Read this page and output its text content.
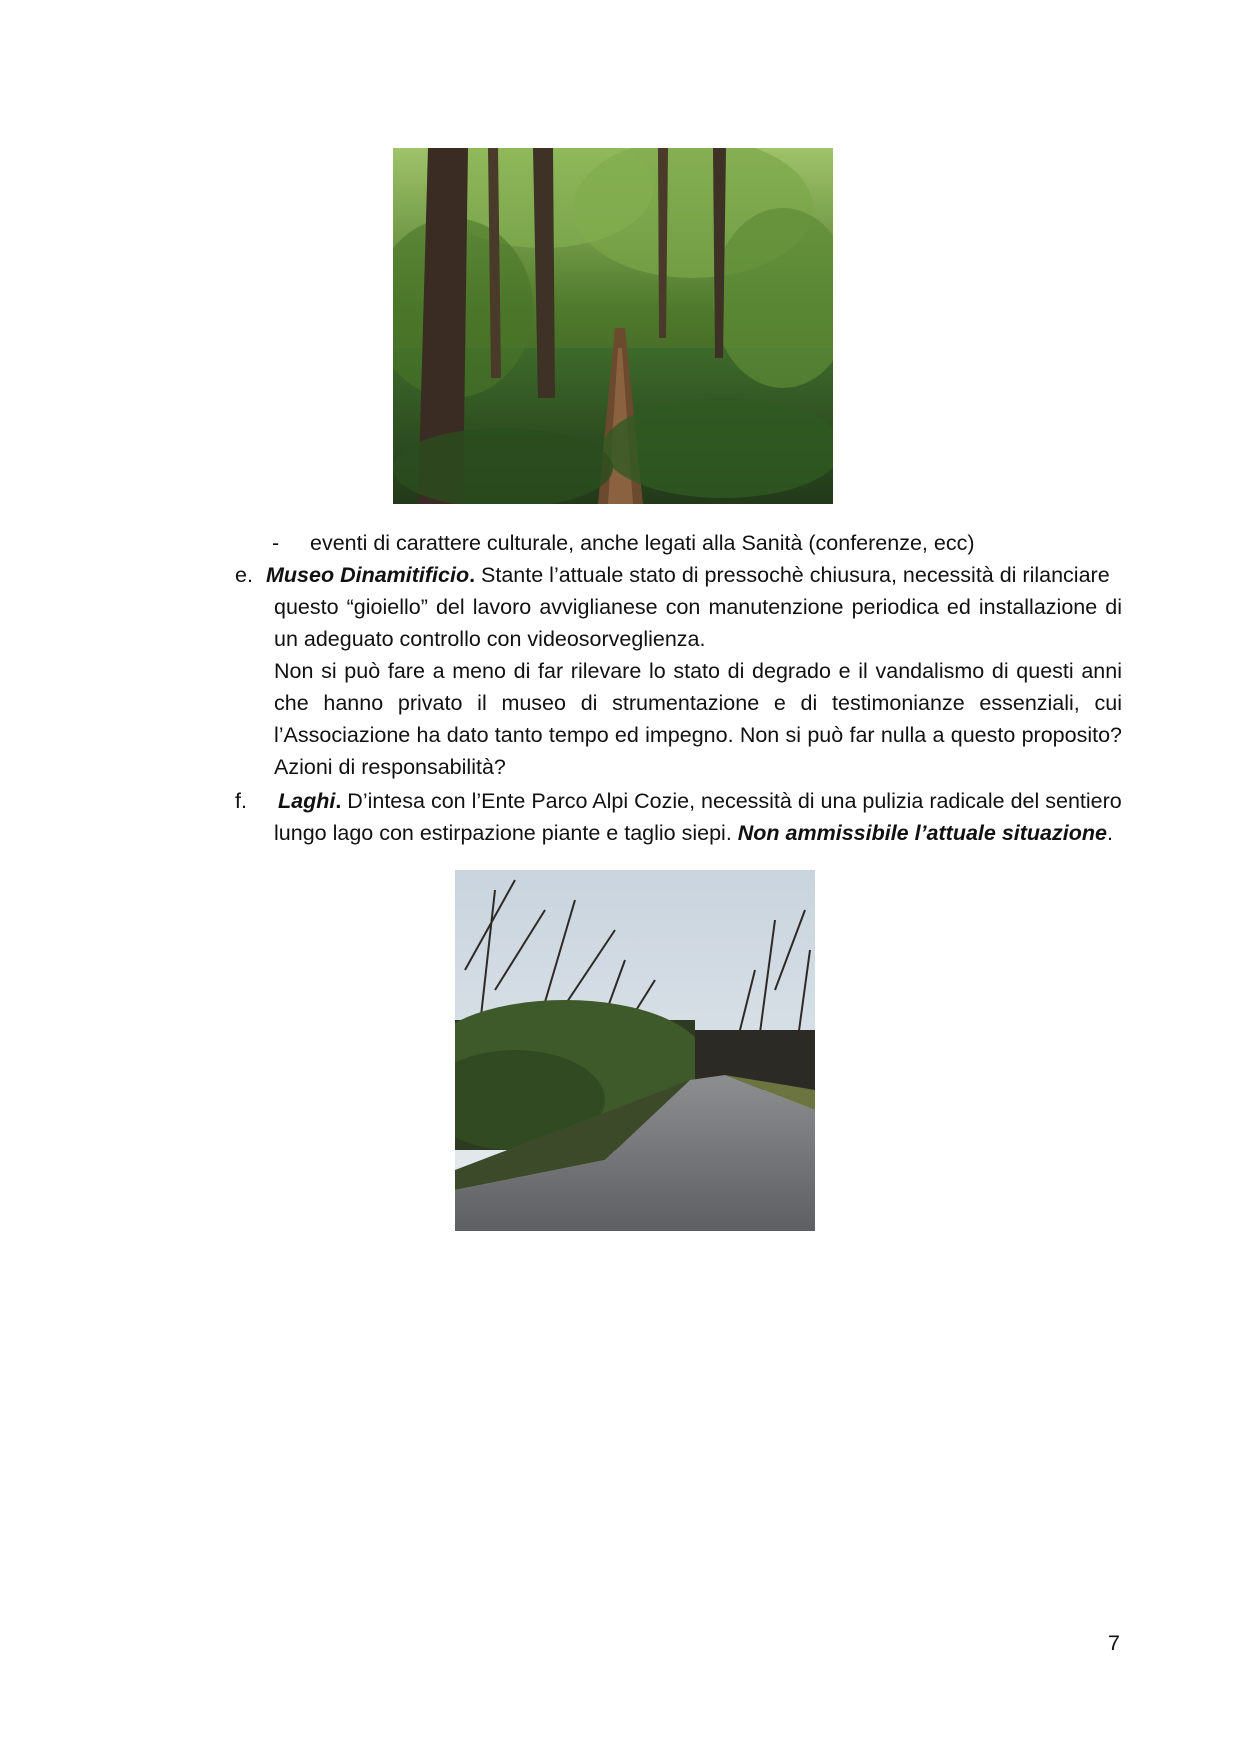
- eventi di carattere culturale, anche legati alla Sanità (conferenze, ecc)
e. Museo Dinamitificio. Stante l’attuale stato di pressochè chiusura, necessità di rilanciare
questo “gioiello” del lavoro avviglianese con manutenzione periodica ed installazione di un adeguato controllo con videosorveglienza.
Non si può fare a meno di far rilevare lo stato di degrado e il vandalismo di questi anni che hanno privato il museo di strumentazione e di testimonianze essenziali, cui l’Associazione ha dato tanto tempo ed impegno. Non si può far nulla a questo proposito? Azioni di responsabilità?
f. Laghi. D’intesa con l’Ente Parco Alpi Cozie, necessità di una pulizia radicale del sentiero
lungo lago con estirpazione piante e taglio siepi. Non ammissibile l’attuale situazione.
7
